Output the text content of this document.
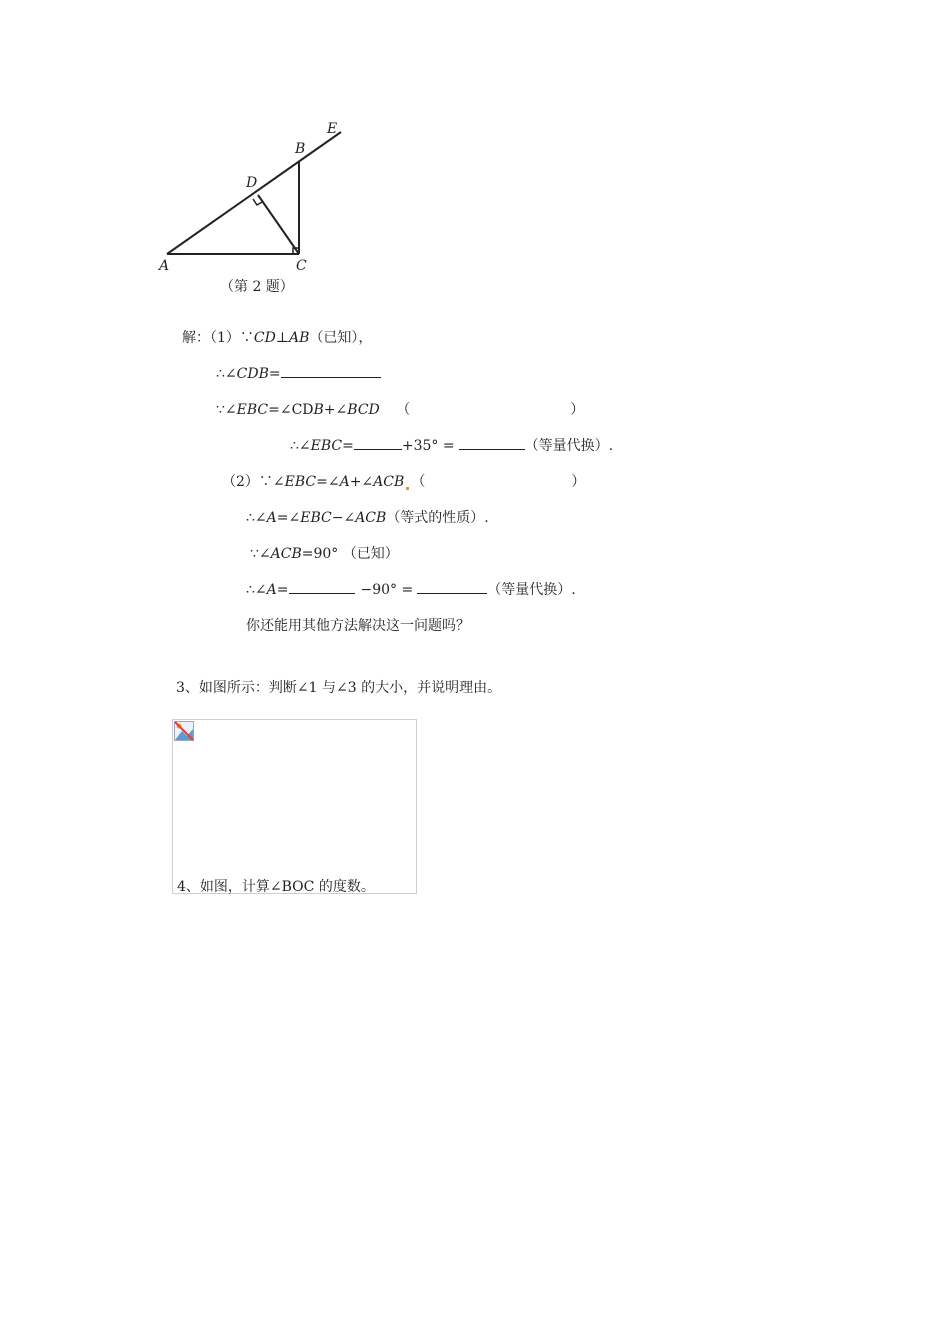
E
B
D
A	C
（第 2 题）
解：（1）∵CD⊥AB（已知），
∴∠CDB=
∵∠EBC=∠CDB+∠BCD （	）
∴∠EBC=	+35° =	（等量代换）.
（2）∵∠EBC=∠A+∠ACB （	）
∴∠A=∠EBC−∠ACB（等式的性质）.
∵∠ACB=90° （已知）
∴∠A=	−90° =	（等量代换）.
你还能用其他方法解决这一问题吗？
3、如图所示：判断∠1 与∠3 的大小，并说明理由。
4、如图，计算∠BOC 的度数。
